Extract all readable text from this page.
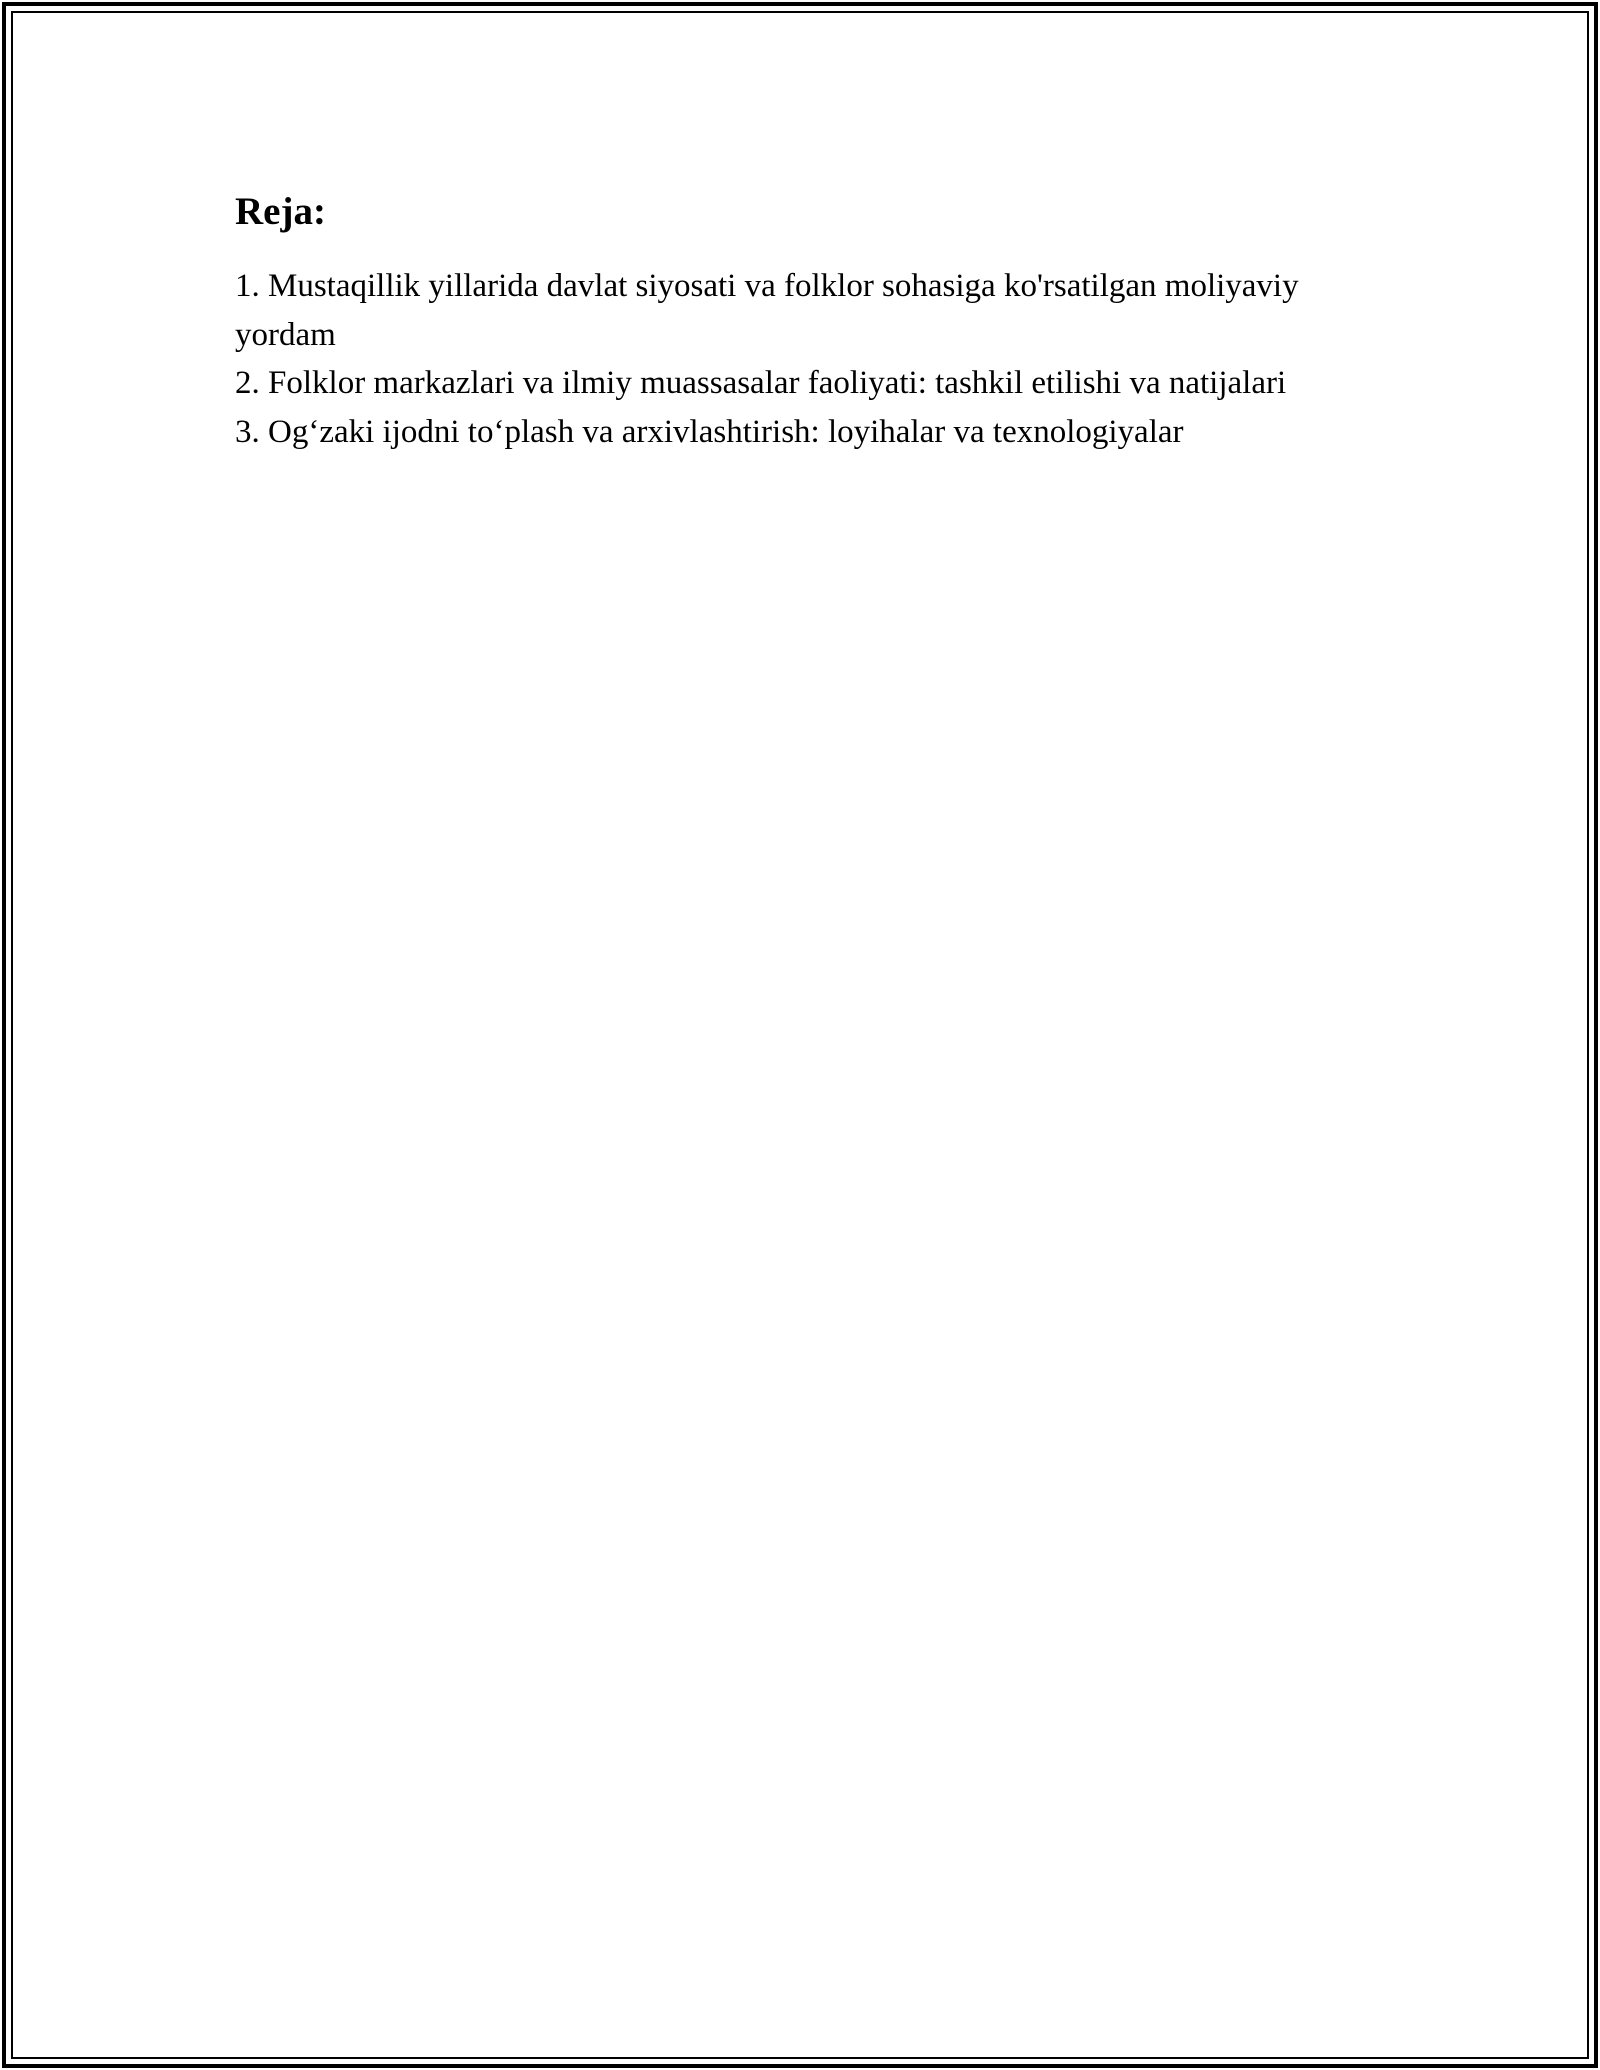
Reja:
1. Mustaqillik yillarida davlat siyosati va folklor sohasiga ko'rsatilgan moliyaviy yordam
2. Folklor markazlari va ilmiy muassasalar faoliyati: tashkil etilishi va natijalari
3. Og‘zaki ijodni to‘plash va arxivlashtirish: loyihalar va texnologiyalar
